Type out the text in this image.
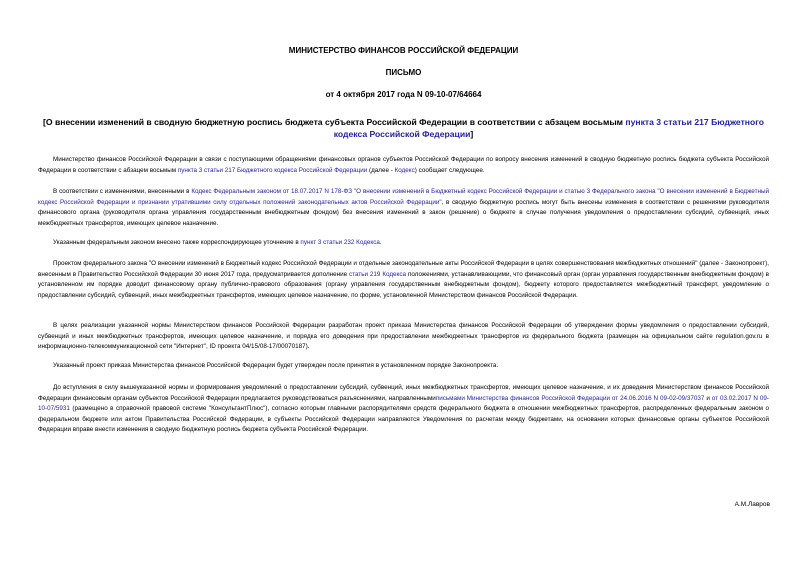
МИНИСТЕРСТВО ФИНАНСОВ РОССИЙСКОЙ ФЕДЕРАЦИИ
ПИСЬМО
от 4 октября 2017 года N 09-10-07/64664
[О внесении изменений в сводную бюджетную роспись бюджета субъекта Российской Федерации в соответствии с абзацем восьмым пункта 3 статьи 217 Бюджетного кодекса Российской Федерации]
Министерство финансов Российской Федерации в связи с поступающими обращениями финансовых органов субъектов Российской Федерации по вопросу внесения изменений в сводную бюджетную роспись бюджета субъекта Российской Федерации в соответствии с абзацем восьмым пункта 3 статьи 217 Бюджетного кодекса Российской Федерации (далее - Кодекс) сообщает следующее.
В соответствии с изменениями, внесенными в Кодекс Федеральным законом от 18.07.2017 N 178-ФЗ "О внесении изменений в Бюджетный кодекс Российской Федерации и статью 3 Федерального закона "О внесении изменений в Бюджетный кодекс Российской Федерации и признании утратившими силу отдельных положений законодательных актов Российской Федерации", в сводную бюджетную роспись могут быть внесены изменения в соответствии с решениями руководителя финансового органа (руководителя органа управления государственным внебюджетным фондом) без внесения изменений в закон (решение) о бюджете в случае получения уведомления о предоставлении субсидий, субвенций, иных межбюджетных трансфертов, имеющих целевое назначение.
Указанным федеральным законом внесено также корреспондирующее уточнение в пункт 3 статьи 232 Кодекса.
Проектом федерального закона "О внесении изменений в Бюджетный кодекс Российской Федерации и отдельные законодательные акты Российской Федерации в целях совершенствования межбюджетных отношений" (далее - Законопроект), внесенным в Правительство Российской Федерации 30 июня 2017 года, предусматривается дополнение статьи 219 Кодекса положениями, устанавливающими, что финансовый орган (орган управления государственным внебюджетным фондом) в установленном им порядке доводит финансовому органу публично-правового образования (органу управления государственным внебюджетным фондом), бюджету которого предоставляется межбюджетный трансферт, уведомление о предоставлении субсидий, субвенций, иных межбюджетных трансфертов, имеющих целевое назначение, по форме, установленной Министерством финансов Российской Федерации.
В целях реализации указанной нормы Министерством финансов Российской Федерации разработан проект приказа Министерства финансов Российской Федерации об утверждении формы уведомления о предоставлении субсидий, субвенций и иных межбюджетных трансфертов, имеющих целевое назначение, и порядка его доведения при предоставлении межбюджетных трансфертов из федерального бюджета (размещен на официальном сайте regulation.gov.ru в информационно-телекоммуникационной сети "Интернет", ID проекта 04/15/08-17/00070187).
Указанный проект приказа Министерства финансов Российской Федерации будет утвержден после принятия в установленном порядке Законопроекта.
До вступления в силу вышеуказанной нормы и формирования уведомлений о предоставлении субсидий, субвенций, иных межбюджетных трансфертов, имеющих целевое назначение, и их доведения Министерством финансов Российской Федерации финансовым органам субъектов Российской Федерации предлагается руководствоваться разъяснениями, направленнымиписьмами Министерства финансов Российской Федерации от 24.06.2016 N 09-02-09/37037 и от 03.02.2017 N 09-10-07/5931 (размещено в справочной правовой системе "КонсультантПлюс"), согласно которым главными распорядителями средств федерального бюджета в отношении межбюджетных трансфертов, распределенных федеральным законом о федеральном бюджете или актом Правительства Российской Федерации, в субъекты Российской Федерации направляются Уведомления по расчетам между бюджетами, на основании которых финансовые органы субъектов Российской Федерации вправе внести изменения в сводную бюджетную роспись бюджета субъекта Российской Федерации.
А.М.Лавров
